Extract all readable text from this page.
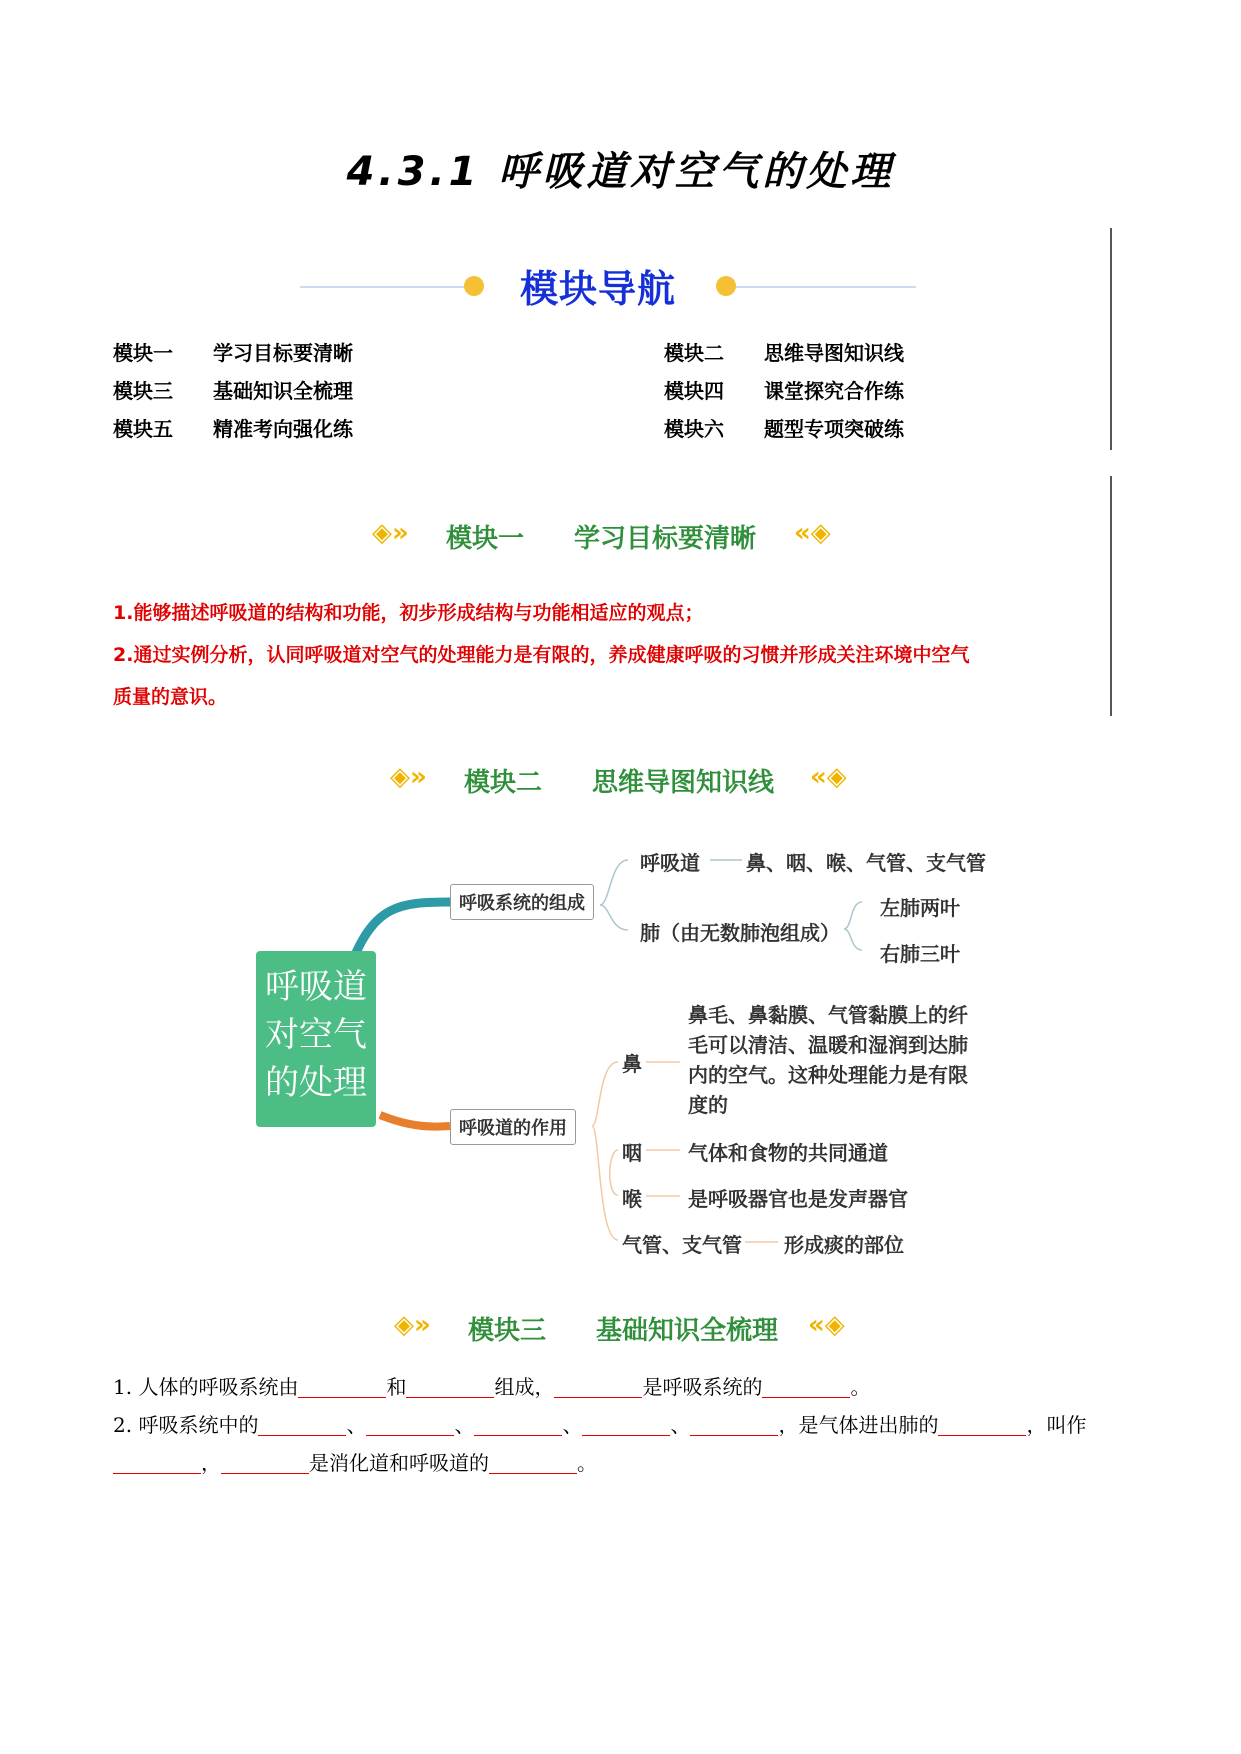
4.3.1 呼吸道对空气的处理
模块导航
模块一 学习目标要清晰	模块二 思维导图知识线
模块三 基础知识全梳理	模块四 课堂探究合作练
模块五 精准考向强化练	模块六 题型专项突破练
◈» 模块一 学习目标要清晰 «◈
1.能够描述呼吸道的结构和功能，初步形成结构与功能相适应的观点；
2.通过实例分析，认同呼吸道对空气的处理能力是有限的，养成健康呼吸的习惯并形成关注环境中空气
质量的意识。
◈» 模块二 思维导图知识线 «◈
呼吸道
对空气
的处理
呼吸系统的组成
呼吸道的作用
呼吸道 鼻、咽、喉、气管、支气管
肺（由无数肺泡组成）
左肺两叶
右肺三叶
鼻
鼻毛、鼻黏膜、气管黏膜上的纤
毛可以清洁、温暖和湿润到达肺
内的空气。这种处理能力是有限
度的
咽 气体和食物的共同通道
喉 是呼吸器官也是发声器官
气管、支气管 形成痰的部位
◈» 模块三 基础知识全梳理 «◈
1. 人体的呼吸系统由	和	组成，	是呼吸系统的	。
2. 呼吸系统中的	、	、	、	、	，是气体进出肺的	，叫作
，	是消化道和呼吸道的	。
